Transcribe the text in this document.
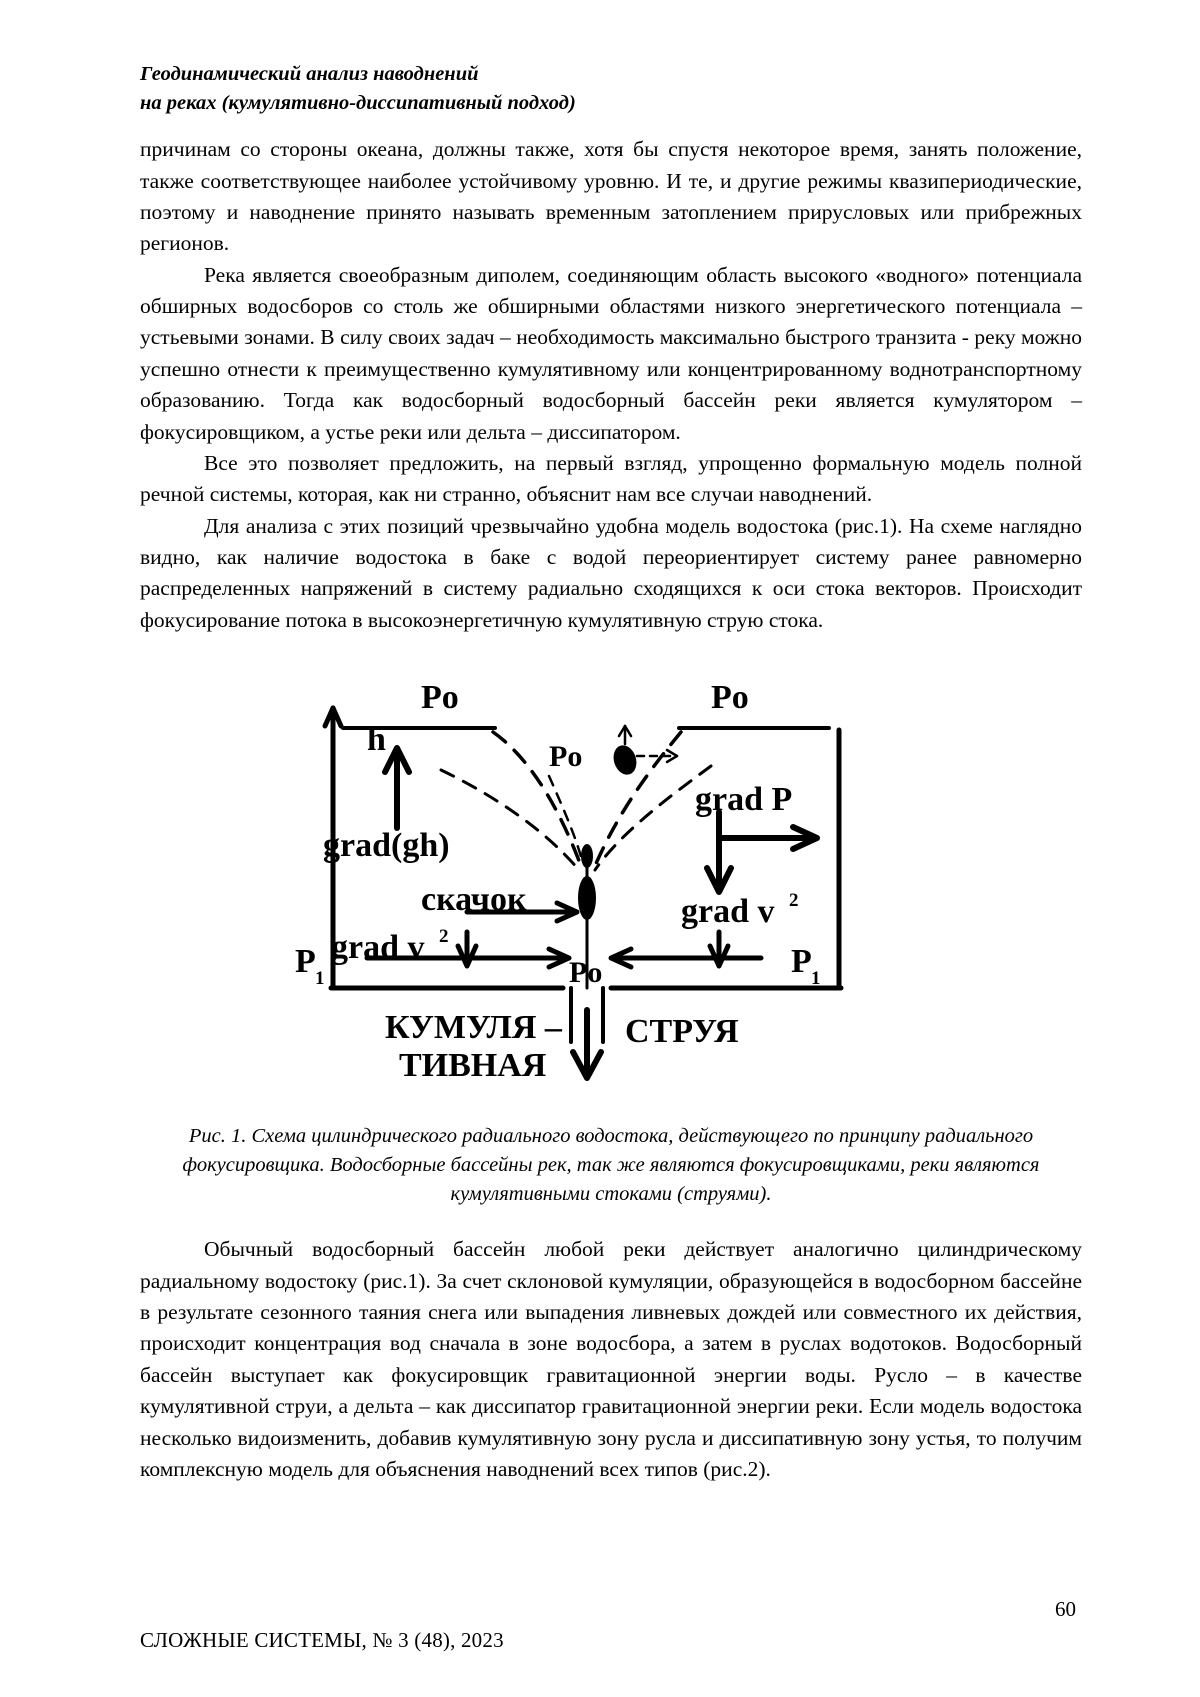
Геодинамический анализ наводнений
на реках (кумулятивно-диссипативный подход)

причинам со стороны океана, должны также, хотя бы спустя некоторое время, занять положение, также соответствующее наиболее устойчивому уровню. И те, и другие режимы квазипериодические, поэтому и наводнение принято называть временным затоплением прирусловых или прибрежных регионов.

Река является своеобразным диполем, соединяющим область высокого «водного» потенциала обширных водосборов со столь же обширными областями низкого энергетического потенциала – устьевыми зонами. В силу своих задач – необходимость максимально быстрого транзита - реку можно успешно отнести к преимущественно кумулятивному или концентрированному воднотранспортному образованию. Тогда как водосборный водосборный бассейн реки является кумулятором – фокусировщиком, а устье реки или дельта – диссипатором.

Все это позволяет предложить, на первый взгляд, упрощенно формальную модель полной речной системы, которая, как ни странно, объяснит нам все случаи наводнений.

Для анализа с этих позиций чрезвычайно удобна модель водостока (рис.1). На схеме наглядно видно, как наличие водостока в баке с водой переориентирует систему ранее равномерно распределенных напряжений в систему радиально сходящихся к оси стока векторов. Происходит фокусирование потока в высокоэнергетичную кумулятивную струю стока.

h
Po	Po
Po
Po
grad(gh)
grad P
скачок
grad v 2
grad v 2
P 1	P 1
КУМУЛЯ –
ТИВНАЯ
СТРУЯ
Рис. 1. Схема цилиндрического радиального водостока, действующего по принципу радиального фокусировщика. Водосборные бассейны рек, так же являются фокусировщиками, реки являются кумулятивными стоками (струями).

Обычный водосборный бассейн любой реки действует аналогично цилиндрическому радиальному водостоку (рис.1). За счет склоновой кумуляции, образующейся в водосборном бассейне в результате сезонного таяния снега или выпадения ливневых дождей или совместного их действия, происходит концентрация вод сначала в зоне водосбора, а затем в руслах водотоков. Водосборный бассейн выступает как фокусировщик гравитационной энергии воды. Русло – в качестве кумулятивной струи, а дельта – как диссипатор гравитационной энергии реки. Если модель водостока несколько видоизменить, добавив кумулятивную зону русла и диссипативную зону устья, то получим комплексную модель для объяснения наводнений всех типов (рис.2).

60
СЛОЖНЫЕ СИСТЕМЫ, № 3 (48), 2023
